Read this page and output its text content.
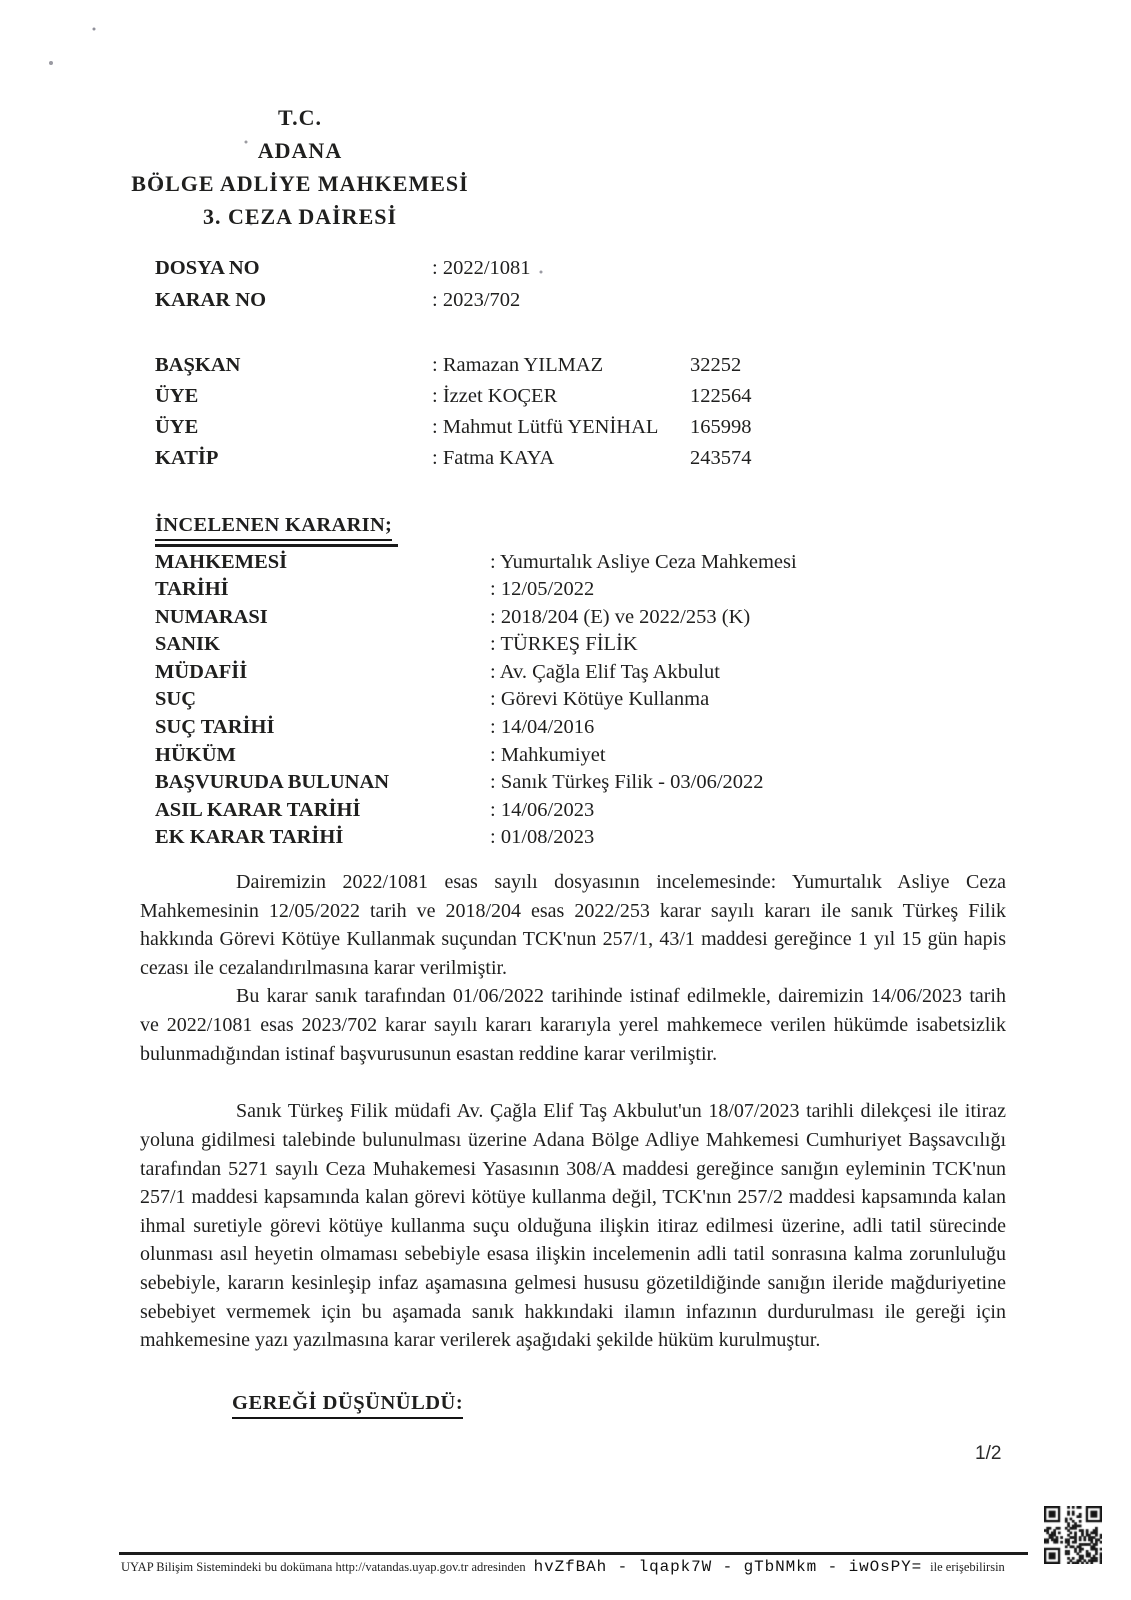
T.C.
ADANA
BÖLGE ADLİYE MAHKEMESİ
3. CEZA DAİRESİ
DOSYA NO	: 2022/1081
KARAR NO	: 2023/702
BAŞKAN	: Ramazan YILMAZ	32252
ÜYE	: İzzet KOÇER	122564
ÜYE	: Mahmut Lütfü YENİHAL 165998
KATİP	: Fatma KAYA	243574
İNCELENEN KARARIN;
MAHKEMESİ	: Yumurtalık Asliye Ceza Mahkemesi
TARİHİ	: 12/05/2022
NUMARASI	: 2018/204 (E) ve 2022/253 (K)
SANIK	: TÜRKEŞ FİLİK
MÜDAFİİ	: Av. Çağla Elif Taş Akbulut
SUÇ	: Görevi Kötüye Kullanma
SUÇ TARİHİ	: 14/04/2016
HÜKÜM	: Mahkumiyet
BAŞVURUDA BULUNAN	: Sanık Türkeş Filik - 03/06/2022
ASIL KARAR TARİHİ	: 14/06/2023
EK KARAR TARİHİ	: 01/08/2023

Dairemizin 2022/1081 esas sayılı dosyasının incelemesinde: Yumurtalık Asliye Ceza Mahkemesinin 12/05/2022 tarih ve 2018/204 esas 2022/253 karar sayılı kararı ile sanık Türkeş Filik hakkında Görevi Kötüye Kullanmak suçundan TCK'nun 257/1, 43/1 maddesi gereğince 1 yıl 15 gün hapis cezası ile cezalandırılmasına karar verilmiştir.

Bu karar sanık tarafından 01/06/2022 tarihinde istinaf edilmekle, dairemizin 14/06/2023 tarih ve 2022/1081 esas 2023/702 karar sayılı kararı kararıyla yerel mahkemece verilen hükümde isabetsizlik bulunmadığından istinaf başvurusunun esastan reddine karar verilmiştir.

Sanık Türkeş Filik müdafi Av. Çağla Elif Taş Akbulut'un 18/07/2023 tarihli dilekçesi ile itiraz yoluna gidilmesi talebinde bulunulması üzerine Adana Bölge Adliye Mahkemesi Cumhuriyet Başsavcılığı tarafından 5271 sayılı Ceza Muhakemesi Yasasının 308/A maddesi gereğince sanığın eyleminin TCK'nun 257/1 maddesi kapsamında kalan görevi kötüye kullanma değil, TCK'nın 257/2 maddesi kapsamında kalan ihmal suretiyle görevi kötüye kullanma suçu olduğuna ilişkin itiraz edilmesi üzerine, adli tatil sürecinde olunması asıl heyetin olmaması sebebiyle esasa ilişkin incelemenin adli tatil sonrasına kalma zorunluluğu sebebiyle, kararın kesinleşip infaz aşamasına gelmesi hususu gözetildiğinde sanığın ileride mağduriyetine sebebiyet vermemek için bu aşamada sanık hakkındaki ilamın infazının durdurulması ile gereği için mahkemesine yazı yazılmasına karar verilerek aşağıdaki şekilde hüküm kurulmuştur.

GEREĞİ DÜŞÜNÜLDÜ:
1/2
UYAP Bilişim Sistemindeki bu dokümana http://vatandas.uyap.gov.tr adresinden hvZfBAh - lqapk7W - gTbNMkm - iwOsPY= ile erişebilirsin
